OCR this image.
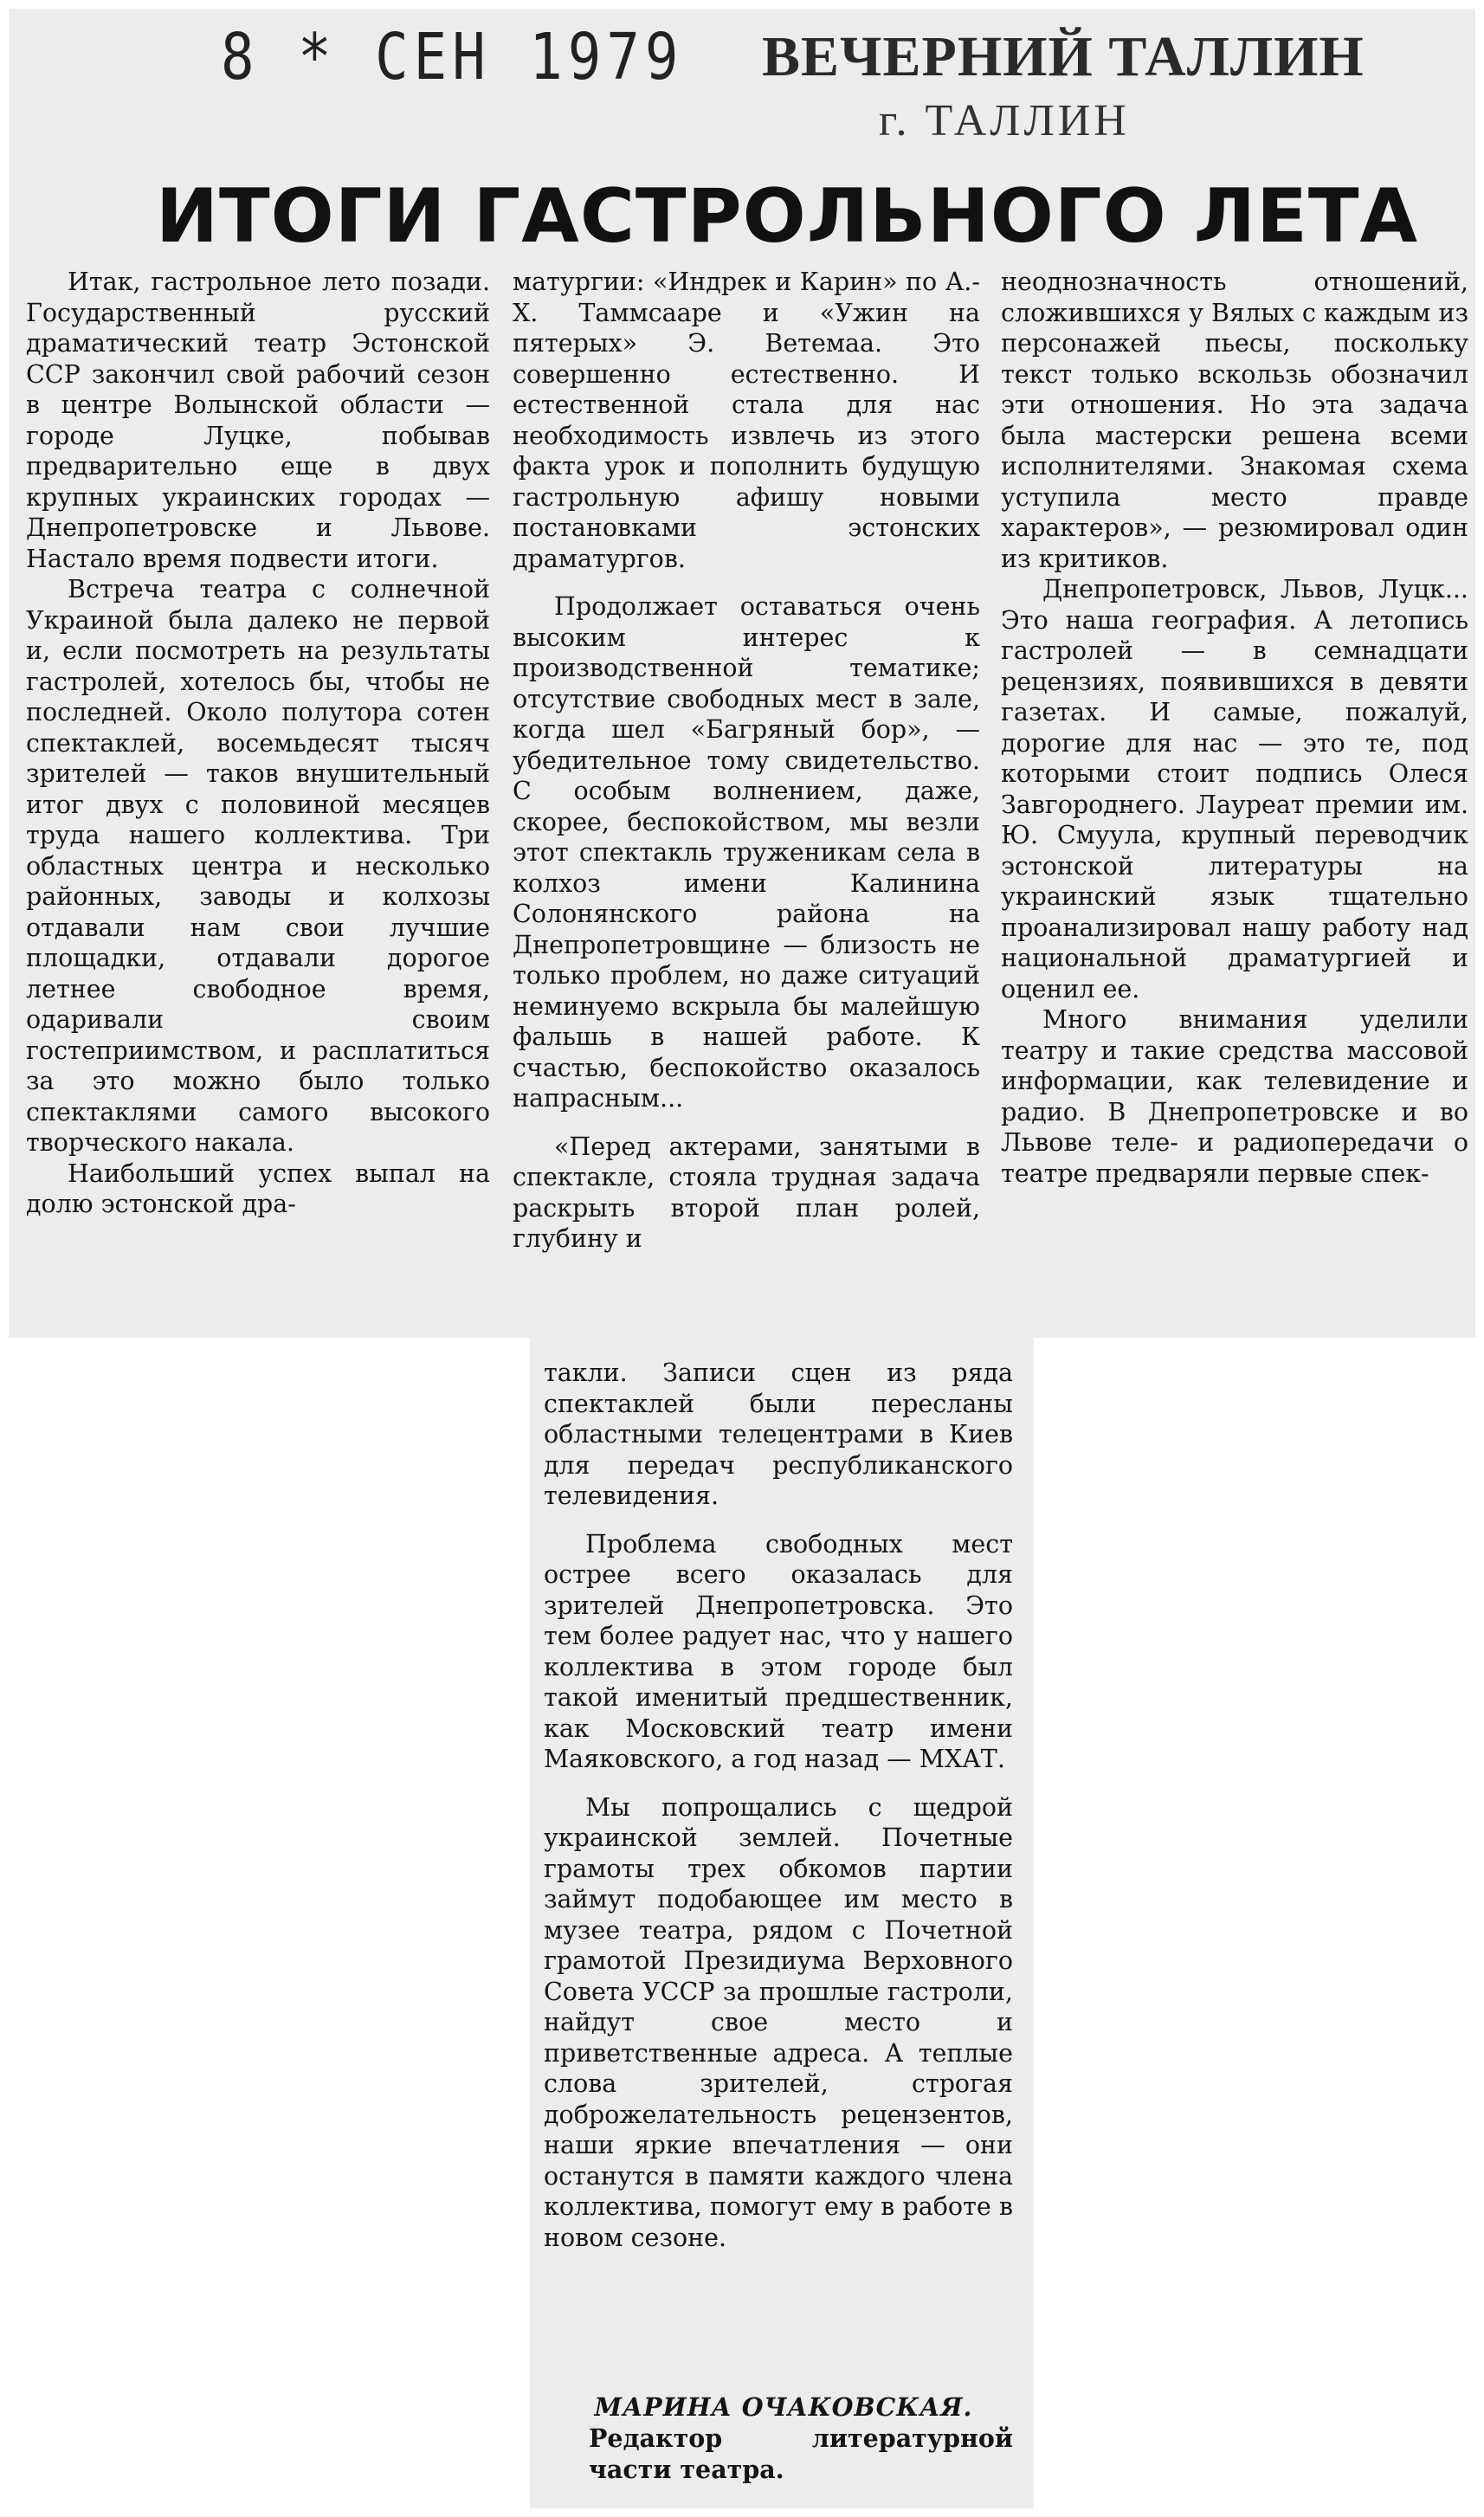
8 * СЕН 1979 ВЕЧЕРНИЙ ТАЛЛИН
г. ТАЛЛИН
ИТОГИ ГАСТРОЛЬНОГО ЛЕТА

Итак, гастрольное лето позади. Государственный русский драматический театр Эстонской ССР закончил свой рабочий сезон в центре Волынской области — городе Луцке, побывав предварительно еще в двух крупных украинских городах — Днепропетровске и Львове. Настало время подвести итоги.

Встреча театра с солнечной Украиной была далеко не первой и, если посмотреть на результаты гастролей, хотелось бы, чтобы не последней. Около полутора сотен спектаклей, восемьдесят тысяч зрителей — таков внушительный итог двух с половиной месяцев труда нашего коллектива. Три областных центра и несколько районных, заводы и колхозы отдавали нам свои лучшие площадки, отдавали дорогое летнее свободное время, одаривали своим гостеприимством, и расплатиться за это можно было только спектаклями самого высокого творческого накала.

Наибольший успех выпал на долю эстонской дра-

матургии: «Индрек и Карин» по А.-Х. Таммсааре и «Ужин на пятерых» Э. Ветемаа. Это совершенно естественно. И естественной стала для нас необходимость извлечь из этого факта урок и пополнить будущую гастрольную афишу новыми постановками эстонских драматургов.

Продолжает оставаться очень высоким интерес к производственной тематике; отсутствие свободных мест в зале, когда шел «Багряный бор», — убедительное тому свидетельство. С особым волнением, даже, скорее, беспокойством, мы везли этот спектакль труженикам села в колхоз имени Калинина Солонянского района на Днепропетровщине — близость не только проблем, но даже ситуаций неминуемо вскрыла бы малейшую фальшь в нашей работе. К счастью, беспокойство оказалось напрасным...

«Перед актерами, занятыми в спектакле, стояла трудная задача раскрыть второй план ролей, глубину и

неоднозначность отношений, сложившихся у Вялых с каждым из персонажей пьесы, поскольку текст только вскользь обозначил эти отношения. Но эта задача была мастерски решена всеми исполнителями. Знакомая схема уступила место правде характеров», — резюмировал один из критиков.

Днепропетровск, Львов, Луцк... Это наша география. А летопись гастролей — в семнадцати рецензиях, появившихся в девяти газетах. И самые, пожалуй, дорогие для нас — это те, под которыми стоит подпись Олеся Завгороднего. Лауреат премии им. Ю. Смуула, крупный переводчик эстонской литературы на украинский язык тщательно проанализировал нашу работу над национальной драматургией и оценил ее.

Много внимания уделили театру и такие средства массовой информации, как телевидение и радио. В Днепропетровске и во Львове теле- и радиопередачи о театре предваряли первые спек-

такли. Записи сцен из ряда спектаклей были пересланы областными телецентрами в Киев для передач республиканского телевидения.

Проблема свободных мест острее всего оказалась для зрителей Днепропетровска. Это тем более радует нас, что у нашего коллектива в этом городе был такой именитый предшественник, как Московский театр имени Маяковского, а год назад — МХАТ.

Мы попрощались с щедрой украинской землей. Почетные грамоты трех обкомов партии займут подобающее им место в музее театра, рядом с Почетной грамотой Президиума Верховного Совета УССР за прошлые гастроли, найдут свое место и приветственные адреса. А теплые слова зрителей, строгая доброжелательность рецензентов, наши яркие впечатления — они останутся в памяти каждого члена коллектива, помогут ему в работе в новом сезоне.

МАРИНА ОЧАКОВСКАЯ.
Редактор литературной части театра.
